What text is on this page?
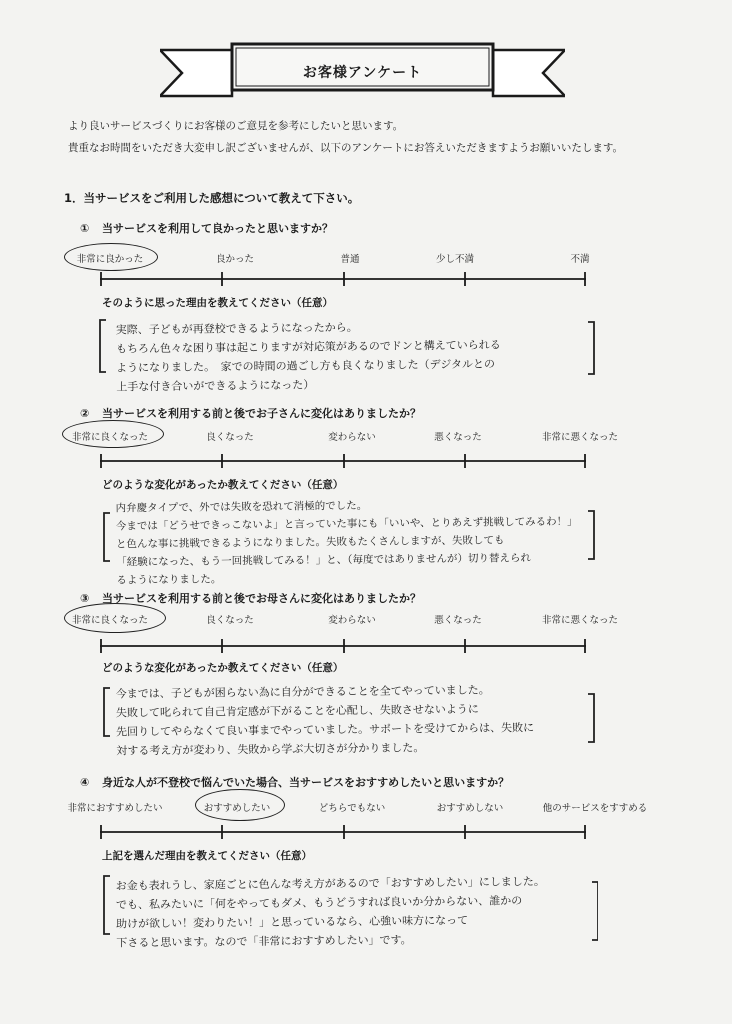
お客様アンケート
より良いサービスづくりにお客様のご意見を参考にしたいと思います。
貴重なお時間をいただき大変申し訳ございませんが、以下のアンケートにお答えいただきますようお願いいたします。
1．当サービスをご利用した感想について教えて下さい。
① 当サービスを利用して良かったと思いますか？
非常に良かった	良かった	普通	少し不満	不満
そのように思った理由を教えてください（任意）
実際、子どもが再登校できるようになったから。
もちろん色々な困り事は起こりますが対応策があるのでドンと構えていられる
ようになりました。　家での時間の過ごし方も良くなりました（デジタルとの
上手な付き合いができるようになった）
② 当サービスを利用する前と後でお子さんに変化はありましたか？
非常に良くなった	良くなった	変わらない	悪くなった	非常に悪くなった
どのような変化があったか教えてください（任意）
内弁慶タイプで、外では失敗を恐れて消極的でした。
今までは「どうせできっこないよ」と言っていた事にも「いいや、とりあえず挑戦してみるわ！」
と色んな事に挑戦できるようになりました。失敗もたくさんしますが、失敗しても
「経験になった、もう一回挑戦してみる！」と、（毎度ではありませんが）切り替えられ
るようになりました。
③ 当サービスを利用する前と後でお母さんに変化はありましたか？
非常に良くなった	良くなった	変わらない	悪くなった	非常に悪くなった
どのような変化があったか教えてください（任意）
今までは、子どもが困らない為に自分ができることを全てやっていました。
失敗して叱られて自己肯定感が下がることを心配し、失敗させないように
先回りしてやらなくて良い事までやっていました。サポートを受けてからは、失敗に
対する考え方が変わり、失敗から学ぶ大切さが分かりました。
④ 身近な人が不登校で悩んでいた場合、当サービスをおすすめしたいと思いますか？
非常におすすめしたい	おすすめしたい	どちらでもない	おすすめしない	他のサービスをすすめる
上記を選んだ理由を教えてください（任意）
お金も表れうし、家庭ごとに色んな考え方があるので「おすすめしたい」にしました。
でも、私みたいに「何をやってもダメ、もうどうすれば良いか分からない、誰かの
助けが欲しい！変わりたい！」と思っているなら、心強い味方になって
下さると思います。なので「非常におすすめしたい」です。
